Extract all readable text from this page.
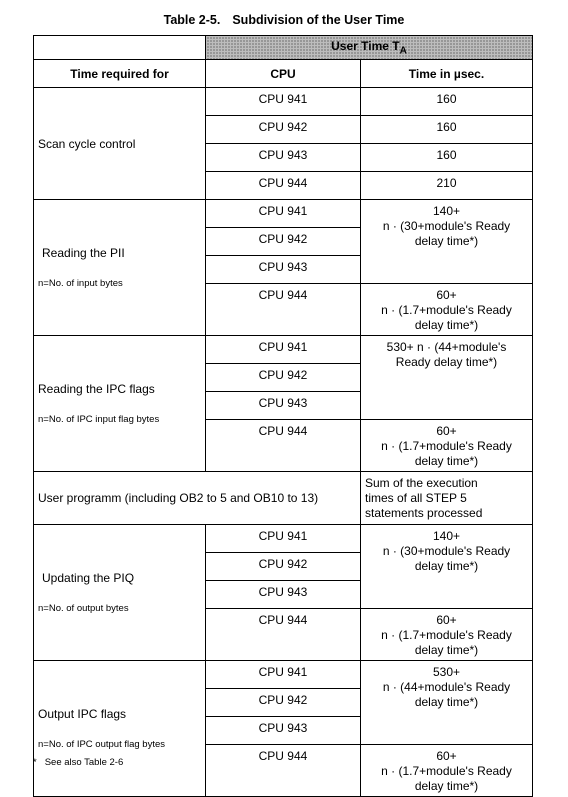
Table 2-5. Subdivision of the User Time
	User Time $T_A$
Time required for	CPU	Time in µsec.

Scan cycle control	CPU 941	160
	CPU 942	160
	CPU 943	160
	CPU 944	210

Reading the PII
n=No. of input bytes	CPU 941	140+
n · (30+module's Ready
delay time*)
	CPU 942	
	CPU 943	
	CPU 944	60+
n · (1.7+module's Ready
delay time*)

Reading the IPC flags
n=No. of IPC input flag bytes	CPU 941	530+ n · (44+module's
Ready delay time*)
	CPU 942	
	CPU 943	
	CPU 944	60+
n · (1.7+module's Ready
delay time*)

User programm (including OB2 to 5 and OB10 to 13)		Sum of the execution
times of all STEP 5
statements processed

Updating the PIQ
n=No. of output bytes	CPU 941	140+
n · (30+module's Ready
delay time*)
	CPU 942	
	CPU 943	
	CPU 944	60+
n · (1.7+module's Ready
delay time*)

Output IPC flags
n=No. of IPC output flag bytes	CPU 941	530+
n · (44+module's Ready
delay time*)
	CPU 942	
	CPU 943	
	CPU 944	60+
n · (1.7+module's Ready
delay time*)
* See also Table 2-6
